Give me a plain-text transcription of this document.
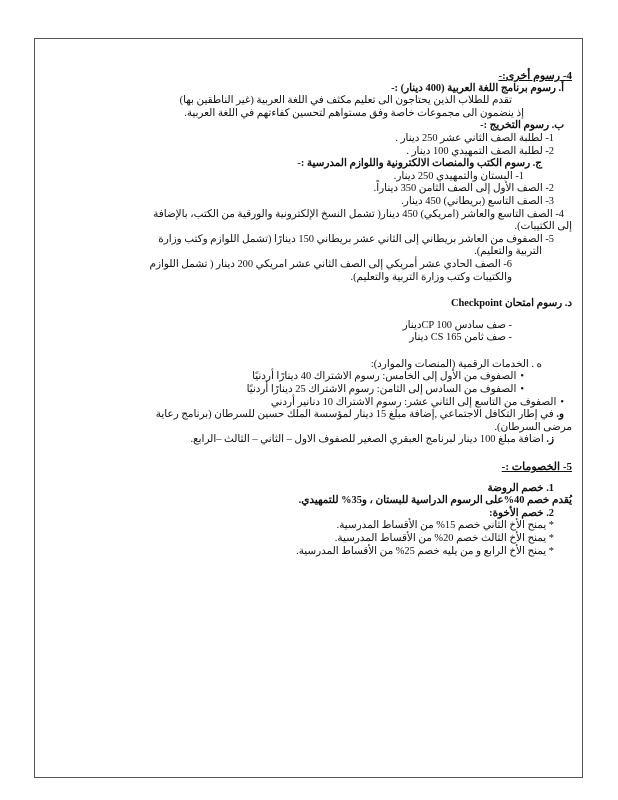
4- رسوم أخرى:-
أ. رسوم برنامج اللغة العربية (400 دينار) :-
تقدم للطلاب الذين يحتاجون الى تعليم مكثف في اللغة العربية (غير الناطقين بها)
إذ ينضمون الى مجموعات خاصة وفق مستواهم لتحسين كفاءتهم في اللغة العربية.
ب. رسوم التخريج :-
1- لطلبة الصف الثاني عشر 250 دينار .
2- لطلبة الصف التمهيدي 100 دينار .
ج. رسوم الكتب والمنصات الالكترونية واللوازم المدرسية :-
1- البستان والتمهيدي 250 دينار.
2- الصف الأول إلى الصف الثامن 350 ديناراً.
3- الصف التاسع (بريطاني) 450 دينار.
4- الصف التاسع والعاشر (امريكي) 450 دينار( تشمل النسخ الإلكترونية والورقية من الكتب، بالإضافة
إلى الكتيبات).
5- الصفوف من العاشر بريطاني إلى الثاني عشر بريطاني 150 دينارًا (تشمل اللوازم وكتب وزارة
التربية والتعليم).
6- الصف الحادي عشر أمريكي إلى الصف الثاني عشر امريكي 200 دينار ( تشمل اللوازم
والكتيبات وكتب وزارة التربية والتعليم).
د. رسوم امتحان Checkpoint
- صف سادس CP 100دينار
- صف ثامن 165 CS دينار
ه . الخدمات الرقمية (المنصات والموارد):
• الصفوف من الأول إلى الخامس: رسوم الاشتراك 40 دينارًا أردنيًا
• الصفوف من السادس إلى الثامن: رسوم الاشتراك 25 دينارًا أردنيًا
• الصفوف من التاسع إلى الثاني عشر: رسوم الاشتراك 10 دنانير أردني
و. في إطار التكافل الاجتماعي ,إضافة مبلغ 15 دينار لمؤسسة الملك حسين للسرطان (برنامج رعاية
مرضى السرطان).
ز. اضافة مبلغ 100 دينار لبرنامج العبقري الصغير للصفوف الاول – الثاني – الثالث –الرابع.
5- الخصومات :-
1. خصم الروضة
يُقدم خصم 40%على الرسوم الدراسية للبستان ، و35% للتمهيدي.
2. خصم الأخوة:
* يمنح الأخ الثاني خصم 15% من الأقساط المدرسية.
* يمنح الأخ الثالث خصم 20% من الأقساط المدرسية.
* يمنح الأخ الرابع و من يليه خصم 25% من الأقساط المدرسية.
